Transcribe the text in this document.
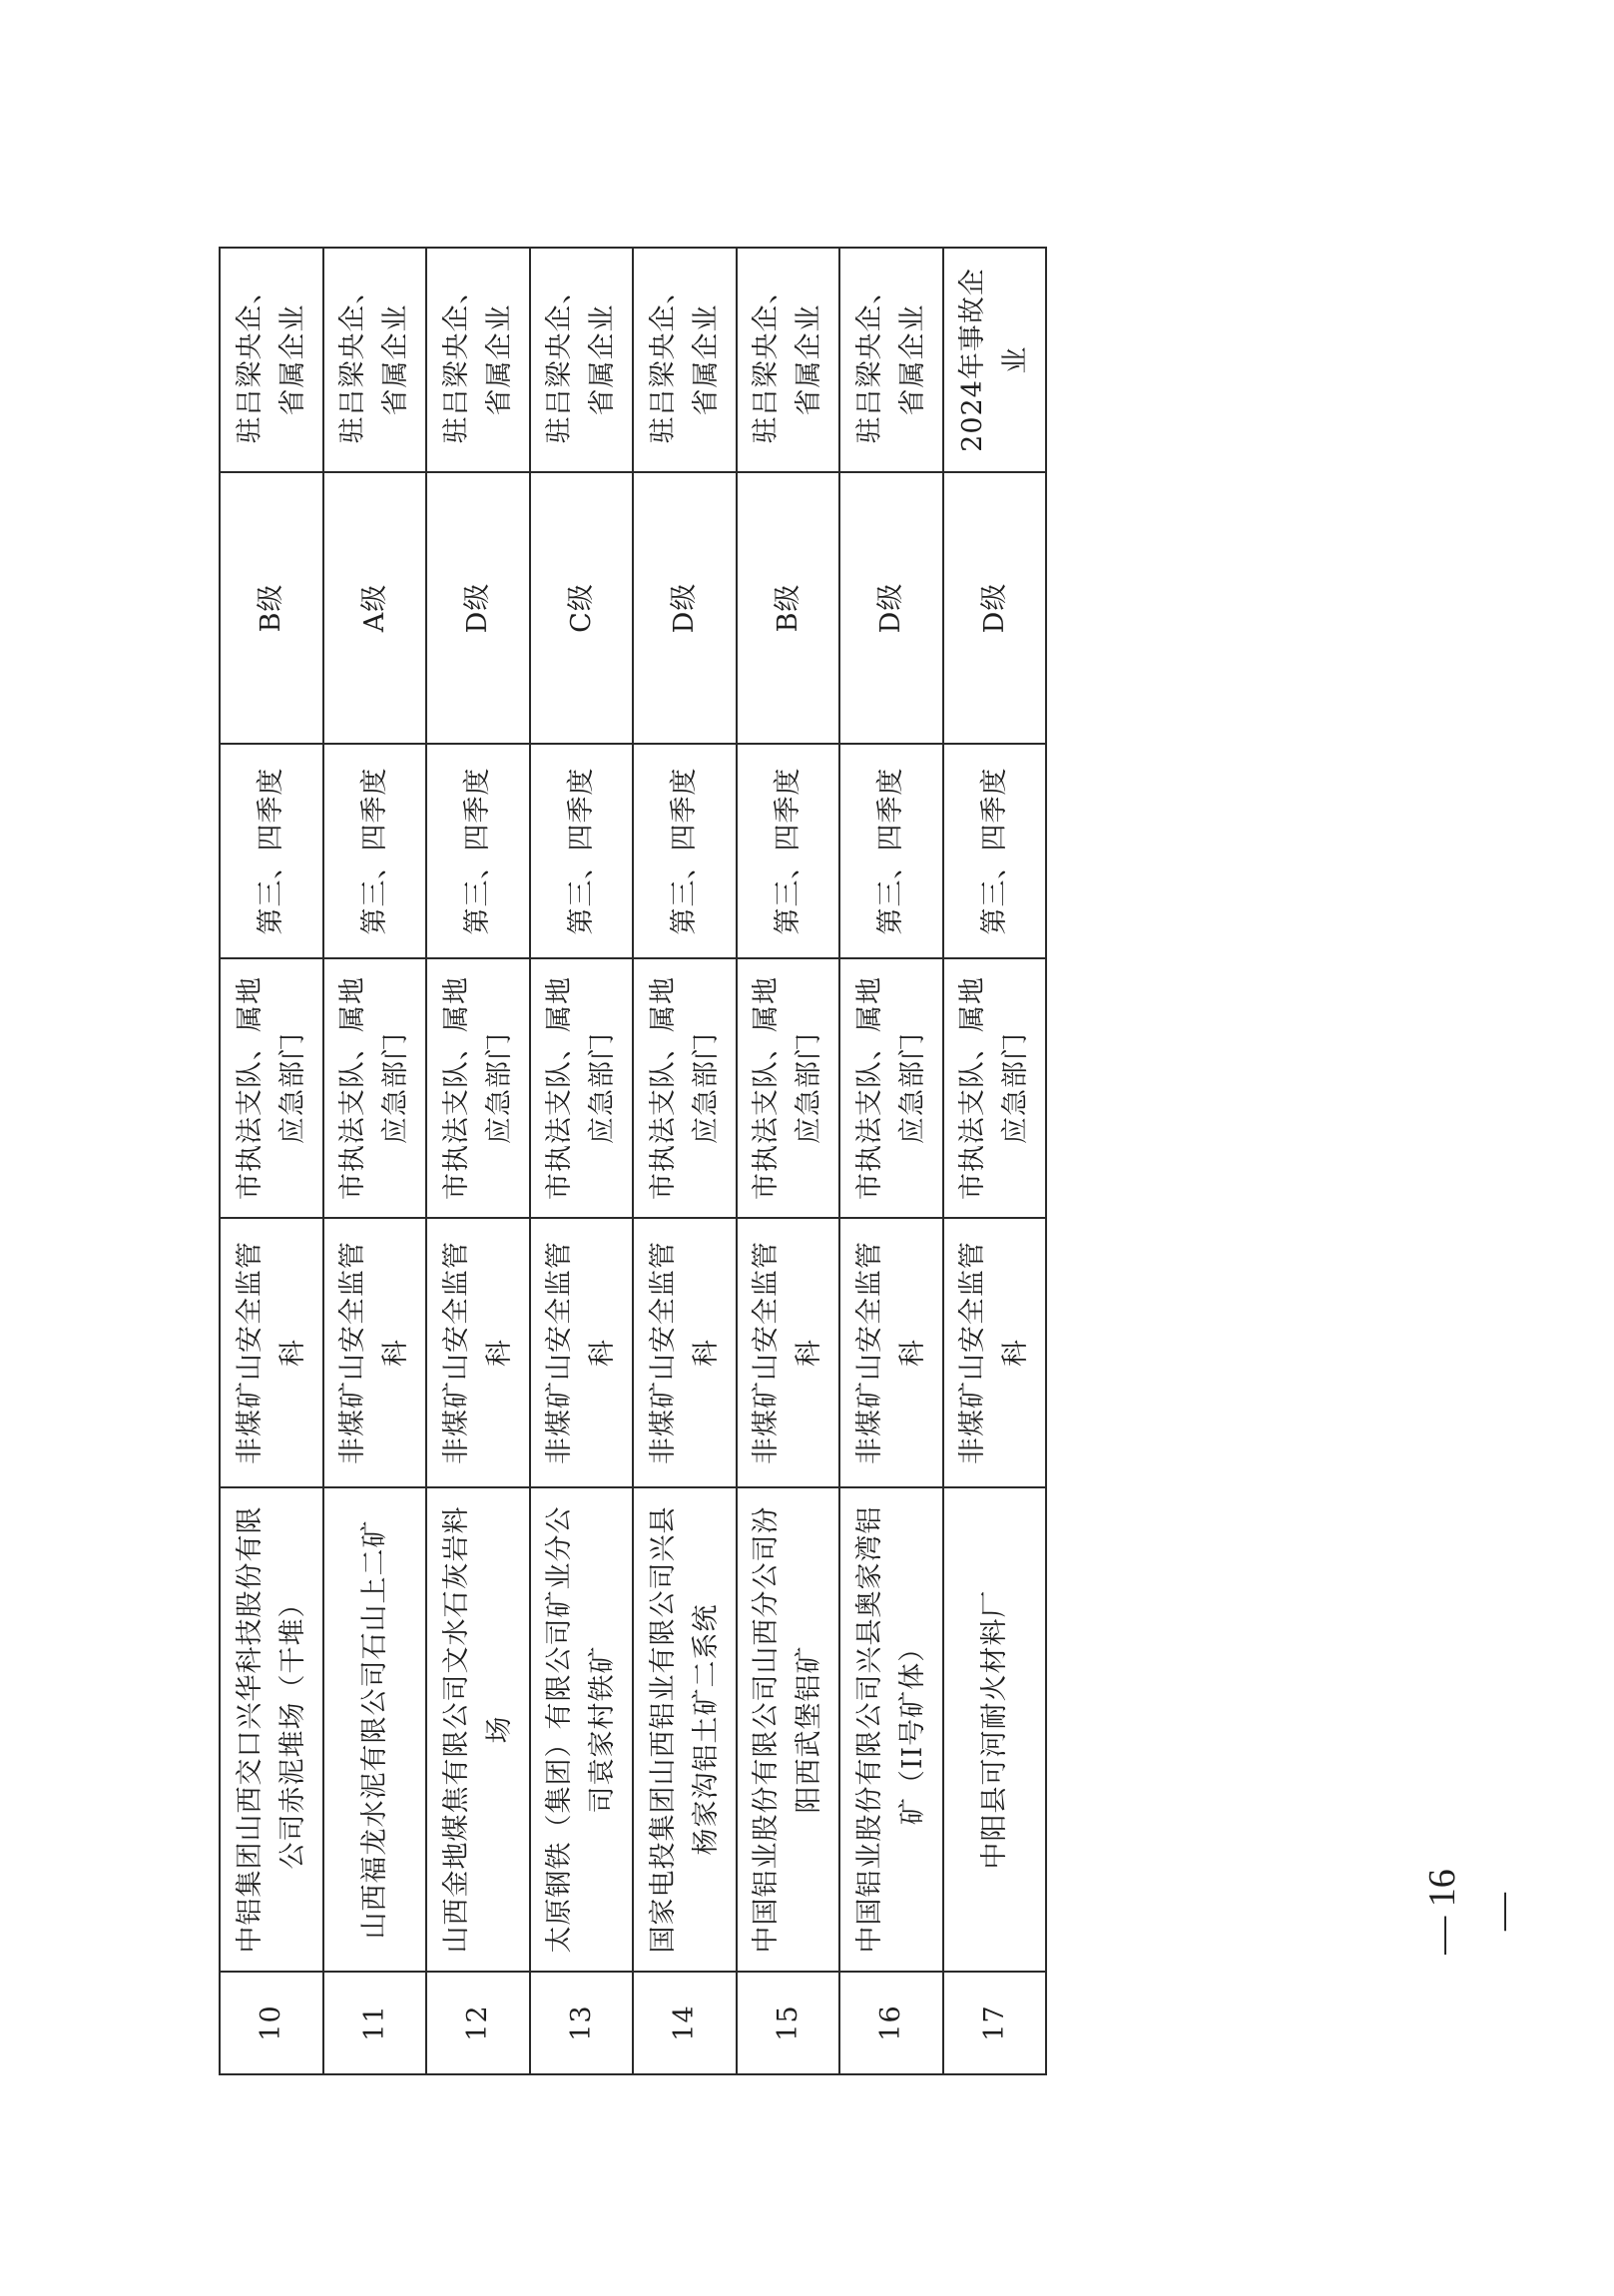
10	中铝集团山西交口兴华科技股份有限公司赤泥堆场（干堆）	非煤矿山安全监管科	市执法支队、属地应急部门	第三、四季度	B级	驻吕梁央企、省属企业
11	山西福龙水泥有限公司石山上二矿	非煤矿山安全监管科	市执法支队、属地应急部门	第三、四季度	A级	驻吕梁央企、省属企业
12	山西金地煤焦有限公司文水石灰岩料场	非煤矿山安全监管科	市执法支队、属地应急部门	第三、四季度	D级	驻吕梁央企、省属企业
13	太原钢铁（集团）有限公司矿业分公司袁家村铁矿	非煤矿山安全监管科	市执法支队、属地应急部门	第三、四季度	C级	驻吕梁央企、省属企业
14	国家电投集团山西铝业有限公司兴县杨家沟铝土矿二系统	非煤矿山安全监管科	市执法支队、属地应急部门	第三、四季度	D级	驻吕梁央企、省属企业
15	中国铝业股份有限公司山西分公司汾阳西武堡铝矿	非煤矿山安全监管科	市执法支队、属地应急部门	第三、四季度	B级	驻吕梁央企、省属企业
16	中国铝业股份有限公司兴县奥家湾铝矿（II号矿体）	非煤矿山安全监管科	市执法支队、属地应急部门	第三、四季度	D级	驻吕梁央企、省属企业
17	中阳县可河耐火材料厂	非煤矿山安全监管科	市执法支队、属地应急部门	第三、四季度	D级	2024年事故企业
— 16 —
